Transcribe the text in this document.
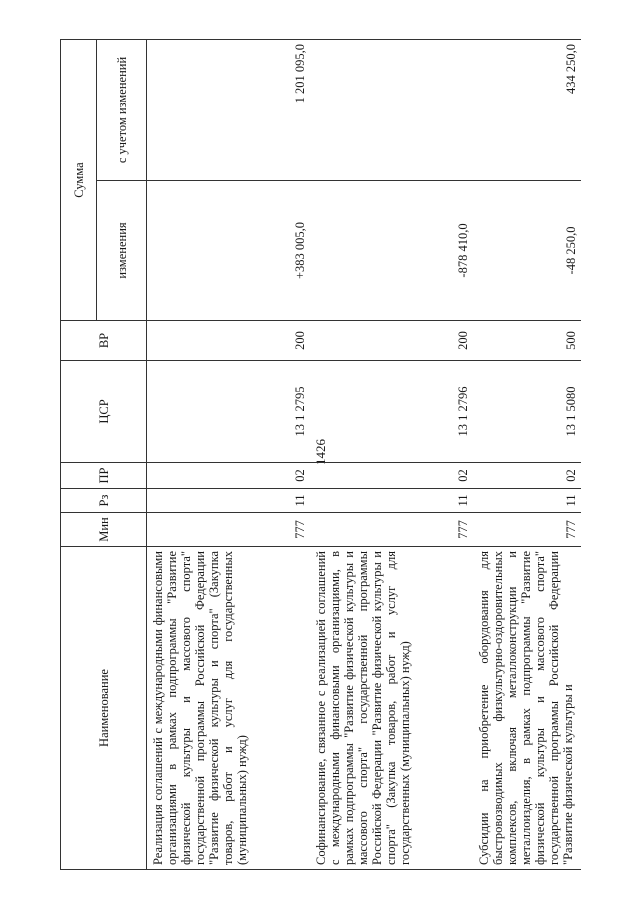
1426
Наименование	Мин	Рз	ПР	ЦСР	ВР	Сумма	
						изменения	с учетом изменений
Реализация соглашений с международными финансовыми организациями в рамках подпрограммы "Развитие физической культуры и массового спорта" государственной программы Российской Федерации "Развитие физической культуры и спорта" (Закупка товаров, работ и услуг для государственных (муниципальных) нужд)	777	11	02	13 1 2795	200	+383 005,0	1 201 095,0
Софинансирование, связанное с реализацией соглашений с международными финансовыми организациями, в рамках подпрограммы "Развитие физической культуры и массового спорта" государственной программы Российской Федерации "Развитие физической культуры и спорта" (Закупка товаров, работ и услуг для государственных (муниципальных) нужд)	777	11	02	13 1 2796	200	-878 410,0	
Субсидии на приобретение оборудования для быстровозводимых физкультурно-оздоровительных комплексов, включая металлоконструкции и металлоизделия, в рамках подпрограммы "Развитие физической культуры и массового спорта" государственной программы Российской Федерации "Развитие физической культуры и	777	11	02	13 1 5080	500	-48 250,0	434 250,0
